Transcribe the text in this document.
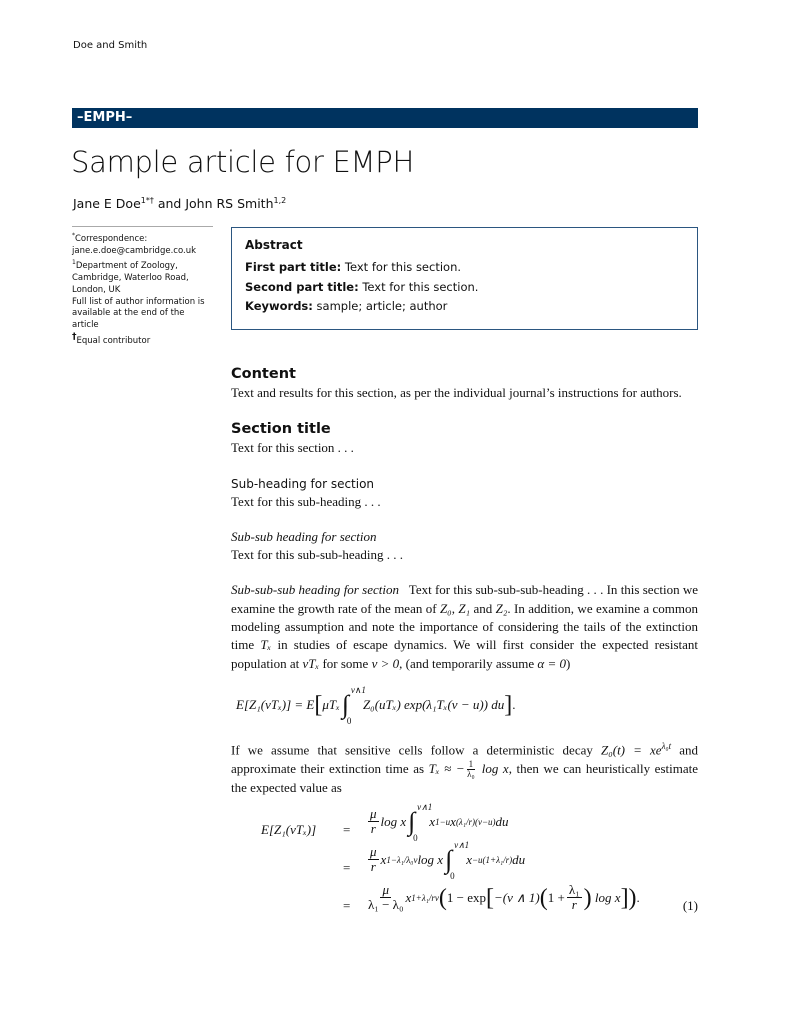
Doe and Smith
–EMPH–
Sample article for EMPH
Jane E Doe$^{1*\dagger}$ and John RS Smith$^{1,2}$
*Correspondence:
jane.e.doe@cambridge.co.uk
$^1$Department of Zoology, Cambridge, Waterloo Road, London, UK
Full list of author information is available at the end of the article
†Equal contributor
Abstract

First part title: Text for this section.

Second part title: Text for this section.

Keywords: sample; article; author

Content

Text and results for this section, as per the individual journal’s instructions for authors.

Section title

Text for this section . . .

Sub-heading for section

Text for this sub-heading . . .

Sub-sub heading for section

Text for this sub-sub-heading . . .

Sub-sub-sub heading for section Text for this sub-sub-sub-heading . . . In this section we examine the growth rate of the mean of Z₀, Z₁ and Z₂. In addition, we examine a common modeling assumption and note the importance of considering the tails of the extinction time Tₓ in studies of escape dynamics. We will first consider the expected resistant population at vTₓ for some v > 0, (and temporarily assume α = 0)

E[Z₁(vTₓ)] = E [ μTₓ ∫ v∧1
0
Z₀(uTₓ) exp(λ₁Tₓ(v − u)) du ] .

If we assume that sensitive cells follow a deterministic decay $Z_0(t) = xe^{\lambda_0t}$ and approximate their extinction time as Tₓ ≈ − $\frac{1}{\text{λ₀}}$ log x, then we can heuristically estimate the expected value as

$E[Z_1(vT_x)] = \frac{\mu}{r}$ log x ∫ v∧1
0
x 1−u x (λ₁/r)(v−u) du
= $\frac{\mu}{r}$ x 1−λ₁/λ₀v log x ∫ v∧1
0
x −u(1+λ₁/r) du
= $\frac{\mu}{\text{λ₁ − λ₀}}$ x 1+λ₁/rv ( 1 − exp [ −(v ∧ 1) ( $1 + \frac{\text{λ₁}}{r}$ )
log x ]) .
(1)
